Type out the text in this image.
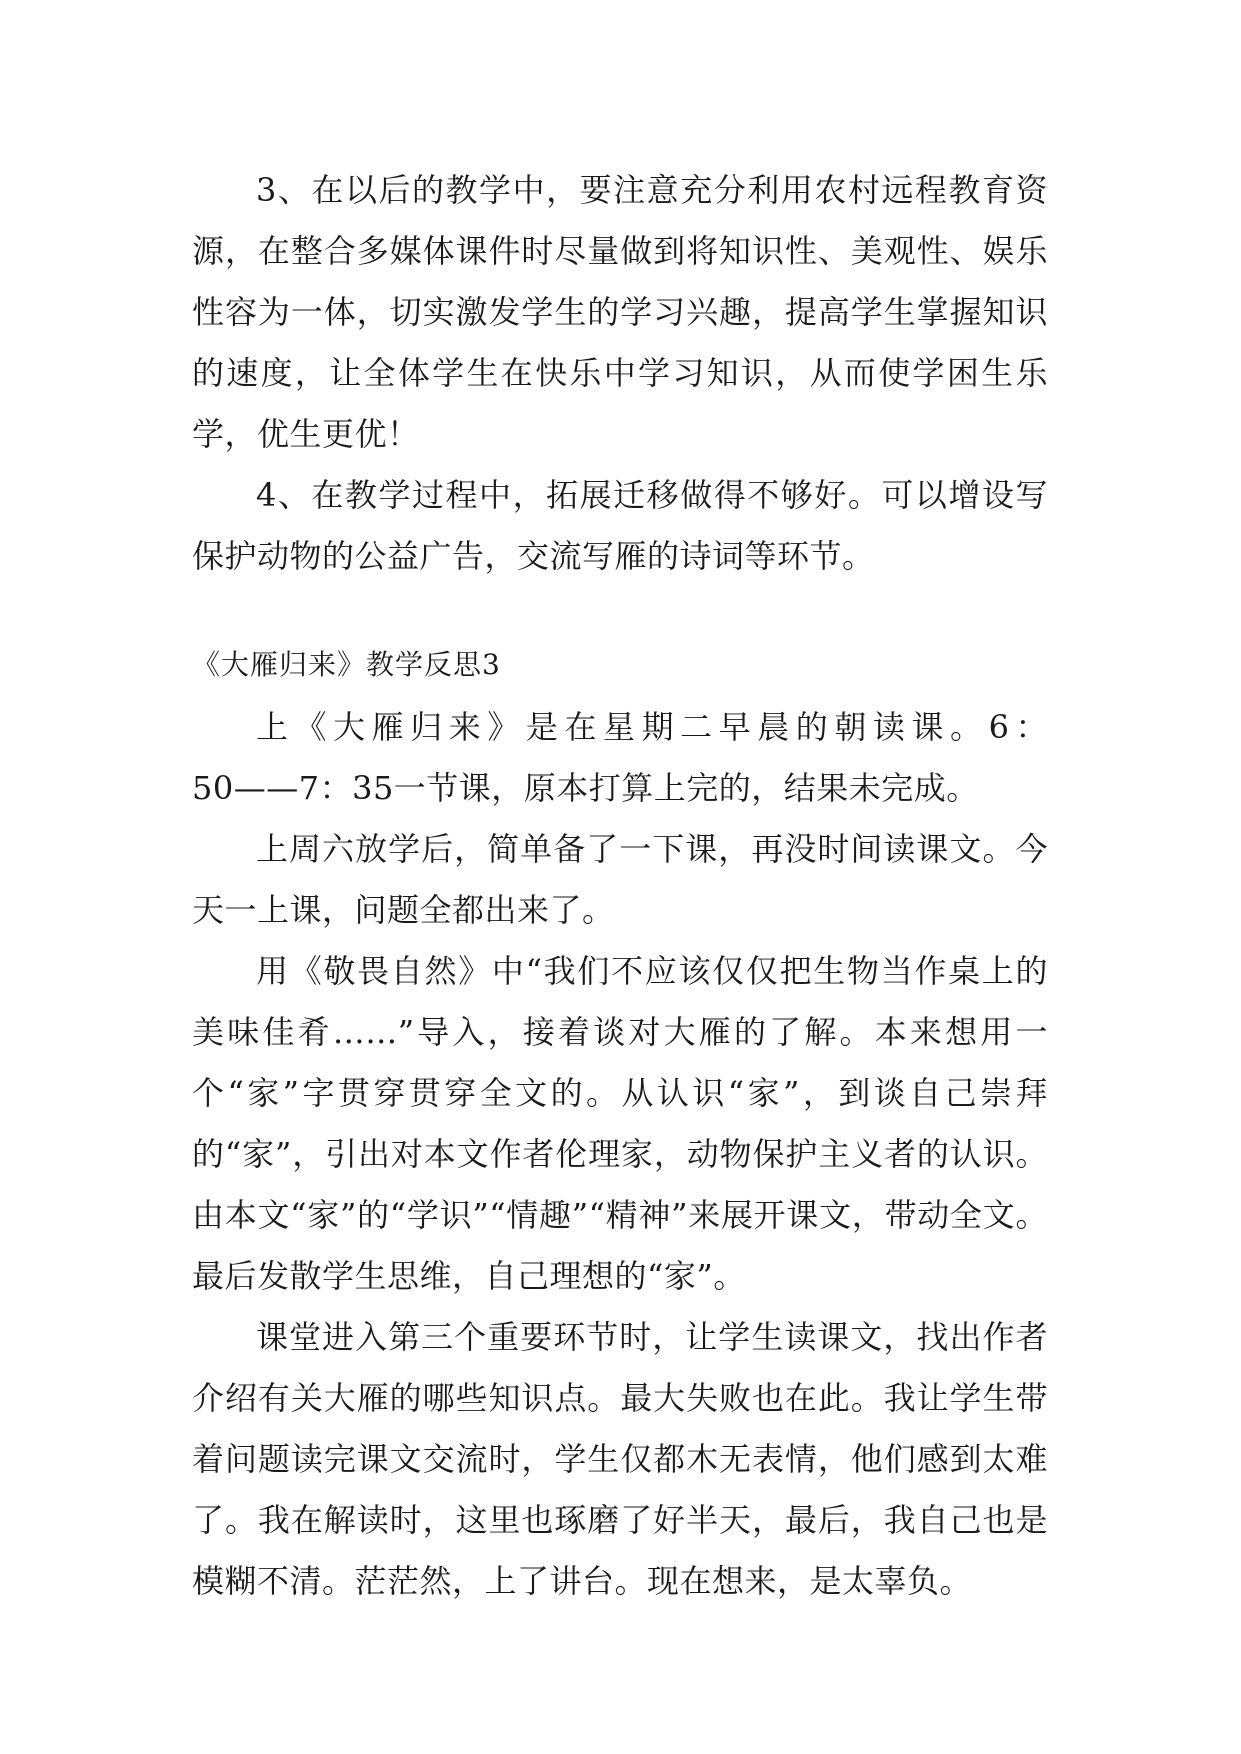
3、在以后的教学中，要注意充分利用农村远程教育资源，在整合多媒体课件时尽量做到将知识性、美观性、娱乐性容为一体，切实激发学生的学习兴趣，提高学生掌握知识的速度，让全体学生在快乐中学习知识，从而使学困生乐学，优生更优！

4、在教学过程中，拓展迁移做得不够好。可以增设写保护动物的公益广告，交流写雁的诗词等环节。

《大雁归来》教学反思3

上《大雁归来》是在星期二早晨的朝读课。6：
50——7：35一节课，原本打算上完的，结果未完成。

上周六放学后，简单备了一下课，再没时间读课文。今天一上课，问题全都出来了。

用《敬畏自然》中“我们不应该仅仅把生物当作桌上的美味佳肴……”导入，接着谈对大雁的了解。本来想用一个“家”字贯穿贯穿全文的。从认识“家”，到谈自己崇拜的“家”，引出对本文作者伦理家，动物保护主义者的认识。由本文“家”的“学识”“情趣”“精神”来展开课文，带动全文。最后发散学生思维，自己理想的“家”。

课堂进入第三个重要环节时，让学生读课文，找出作者介绍有关大雁的哪些知识点。最大失败也在此。我让学生带着问题读完课文交流时，学生仅都木无表情，他们感到太难了。我在解读时，这里也琢磨了好半天，最后，我自己也是模糊不清。茫茫然，上了讲台。现在想来，是太辜负。
